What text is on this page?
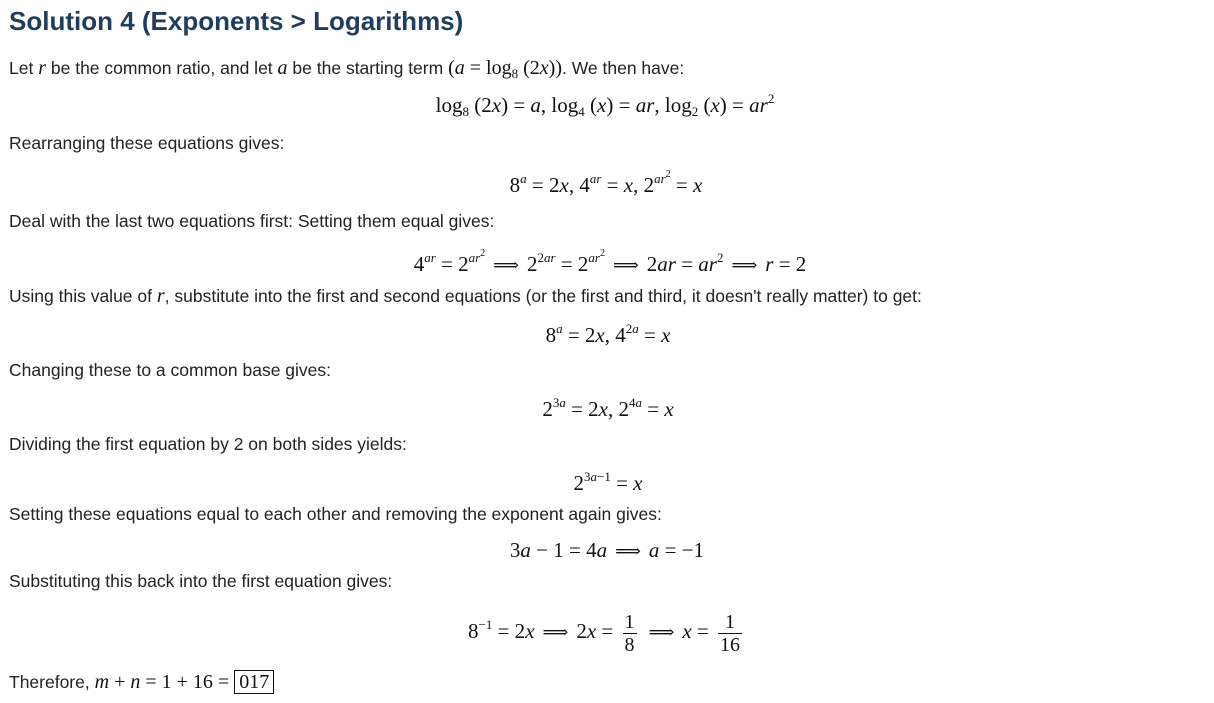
Solution 4 (Exponents > Logarithms)

Let r be the common ratio, and let a be the starting term $(a = \log_8 (2x))$. We then have:

$\log_8 (2x) = a$, $\log_4 (x)$ = ar, $\log_2 (x) = ar^2$

Rearranging these equations gives:

$8^a = 2x$, $4^{ar} = x$, $2^{ar^2} = x$

Deal with the last two equations first: Setting them equal gives:

$4^{ar}$ = $2^{ar^2}⟹$ $2^{2ar}$ = $2^{ar^2}⟹$ $2ar = ar^2$ ⟹ r = 2

Using this value of r, substitute into the first and second equations (or the first and third, it doesn't really matter) to get:

$8^a = 2x$, $4^{2a} = x$

Changing these to a common base gives:

$2^{3a} = 2x$, $2^{4a} = x$

Dividing the first equation by 2 on both sides yields:

$2^{3a-1} = x$

Setting these equations equal to each other and removing the exponent again gives:

3a − 1 = 4a ⟹ a = −1

Substituting this back into the first equation gives:

$8^{-1} = 2x$ ⟹ $2x = \frac{1}{8}$ ⟹ $x = \frac{1}{16}$

Therefore, m + n = 1 + 16 = 017
